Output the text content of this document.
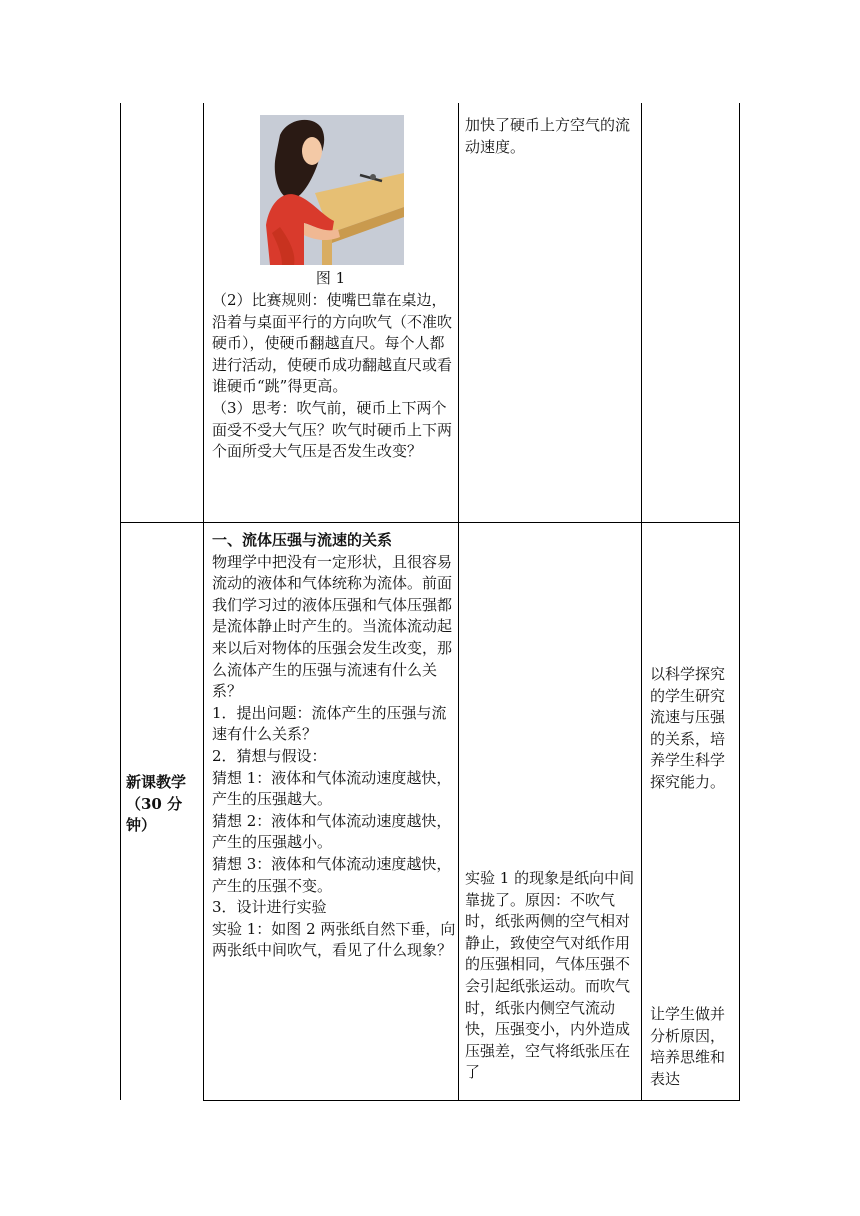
图 1

（2）比赛规则：使嘴巴靠在桌边，沿着与桌面平行的方向吹气（不准吹硬币），使硬币翻越直尺。每个人都进行活动，使硬币成功翻越直尺或看谁硬币“跳”得更高。

（3）思考：吹气前，硬币上下两个面受不受大气压？吹气时硬币上下两个面所受大气压是否发生改变？

加快了硬币上方空气的流动速度。

新课教学（30 分钟）

一、流体压强与流速的关系

物理学中把没有一定形状，且很容易流动的液体和气体统称为流体。前面我们学习过的液体压强和气体压强都是流体静止时产生的。当流体流动起来以后对物体的压强会发生改变，那么流体产生的压强与流速有什么关系？

1．提出问题：流体产生的压强与流速有什么关系？

2．猜想与假设：

猜想 1：液体和气体流动速度越快，产生的压强越大。

猜想 2：液体和气体流动速度越快，产生的压强越小。

猜想 3：液体和气体流动速度越快，产生的压强不变。

3．设计进行实验

实验 1：如图 2 两张纸自然下垂，向两张纸中间吹气，看见了什么现象？

实验 1 的现象是纸向中间靠拢了。原因：不吹气时，纸张两侧的空气相对静止，致使空气对纸作用的压强相同，气体压强不会引起纸张运动。而吹气时，纸张内侧空气流动快，压强变小，内外造成压强差，空气将纸张压在了

以科学探究的学生研究流速与压强的关系，培养学生科学探究能力。

让学生做并分析原因，培养思维和表达
